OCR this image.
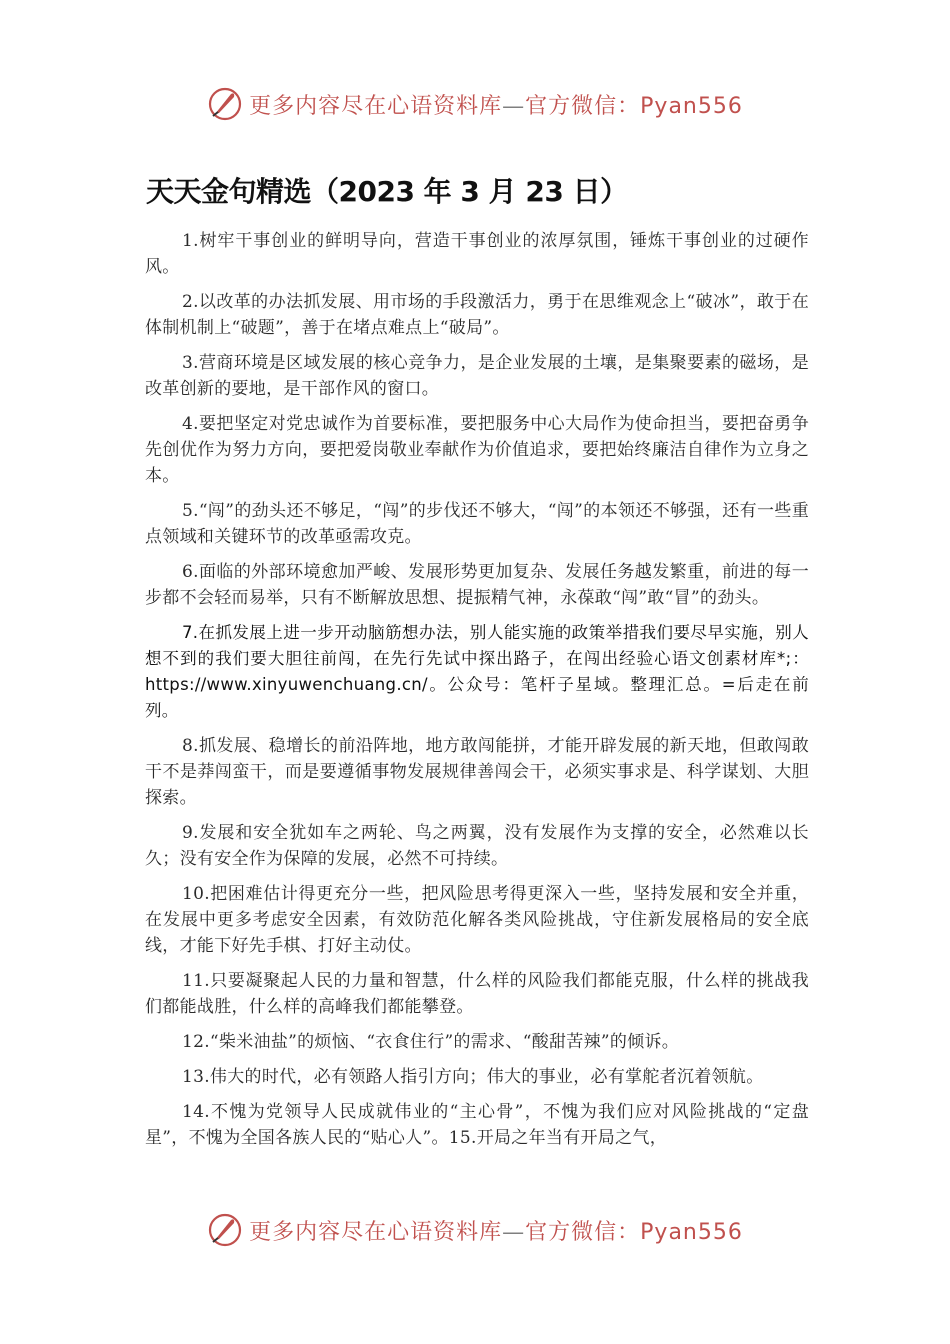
更多内容尽在心语资料库—官方微信：Pyan556
天天金句精选（2023 年 3 月 23 日）

1.树牢干事创业的鲜明导向，营造干事创业的浓厚氛围，锤炼干事创业的过硬作风。

2.以改革的办法抓发展、用市场的手段激活力，勇于在思维观念上“破冰”，敢于在体制机制上“破题”，善于在堵点难点上“破局”。

3.营商环境是区域发展的核心竞争力，是企业发展的土壤，是集聚要素的磁场，是改革创新的要地，是干部作风的窗口。

4.要把坚定对党忠诚作为首要标准，要把服务中心大局作为使命担当，要把奋勇争先创优作为努力方向，要把爱岗敬业奉献作为价值追求，要把始终廉洁自律作为立身之本。

5.“闯”的劲头还不够足，“闯”的步伐还不够大，“闯”的本领还不够强，还有一些重点领域和关键环节的改革亟需攻克。

6.面临的外部环境愈加严峻、发展形势更加复杂、发展任务越发繁重，前进的每一步都不会轻而易举，只有不断解放思想、提振精气神，永葆敢“闯”敢“冒”的劲头。

7.在抓发展上进一步开动脑筋想办法，别人能实施的政策举措我们要尽早实施，别人想不到的我们要大胆往前闯，在先行先试中探出路子，在闯出经验心语文创素材库*;：https://www.xinyuwenchuang.cn/。公众号：笔杆子星域。整理汇总。=后走在前列。

8.抓发展、稳增长的前沿阵地，地方敢闯能拼，才能开辟发展的新天地，但敢闯敢干不是莽闯蛮干，而是要遵循事物发展规律善闯会干，必须实事求是、科学谋划、大胆探索。

9.发展和安全犹如车之两轮、鸟之两翼，没有发展作为支撑的安全，必然难以长久；没有安全作为保障的发展，必然不可持续。

10.把困难估计得更充分一些，把风险思考得更深入一些，坚持发展和安全并重，在发展中更多考虑安全因素，有效防范化解各类风险挑战，守住新发展格局的安全底线，才能下好先手棋、打好主动仗。

11.只要凝聚起人民的力量和智慧，什么样的风险我们都能克服，什么样的挑战我们都能战胜，什么样的高峰我们都能攀登。

12.“柴米油盐”的烦恼、“衣食住行”的需求、“酸甜苦辣”的倾诉。

13.伟大的时代，必有领路人指引方向；伟大的事业，必有掌舵者沉着领航。

14.不愧为党领导人民成就伟业的“主心骨”，不愧为我们应对风险挑战的“定盘星”，不愧为全国各族人民的“贴心人”。15.开局之年当有开局之气，

更多内容尽在心语资料库—官方微信：Pyan556
